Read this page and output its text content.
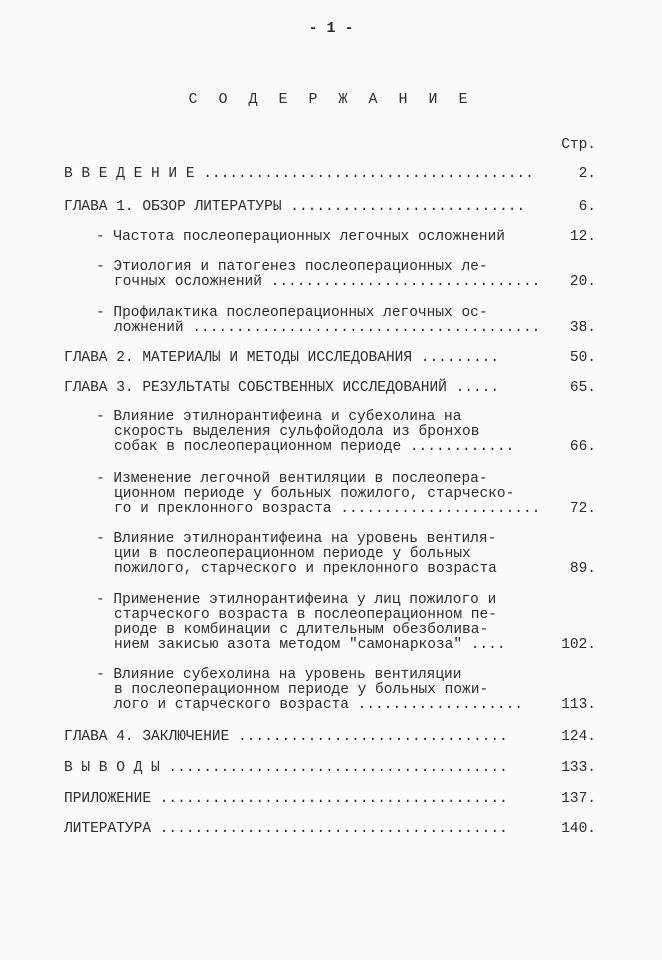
- 1 -
С О Д Е Р Ж А Н И Е
Стр.
В В Е Д Е Н И Е ......................................	2.
ГЛАВА 1. ОБЗОР ЛИТЕРАТУРЫ ...........................	6.
- Частота послеоперационных легочных осложнений	12.
- Этиология и патогенез послеоперационных ле-
гочных осложнений ............................... 20.
- Профилактика послеоперационных легочных ос-
ложнений ........................................ 38.
ГЛАВА 2. МАТЕРИАЛЫ И МЕТОДЫ ИССЛЕДОВАНИЯ .........	50.
ГЛАВА 3. РЕЗУЛЬТАТЫ СОБСТВЕННЫХ ИССЛЕДОВАНИЙ .....	65.
- Влияние этилнорантифеина и субехолина на
скорость выделения сульфойодола из бронхов
собак в послеоперационном периоде ............	66.
- Изменение легочной вентиляции в послеопера-
ционном периоде у больных пожилого, старческо-
го и преклонного возраста ....................... 72.
- Влияние этилнорантифеина на уровень вентиля-
ции в послеоперационном периоде у больных
пожилого, старческого и преклонного возраста	89.
- Применение этилнорантифеина у лиц пожилого и
старческого возраста в послеоперационном пе-
риоде в комбинации с длительным обезболива-
нием закисью азота методом "самонаркоза" ....	102.
- Влияние субехолина на уровень вентиляции
в послеоперационном периоде у больных пожи-
лого и старческого возраста ...................	113.
ГЛАВА 4. ЗАКЛЮЧЕНИЕ ...............................	124.
В Ы В О Д Ы .......................................	133.
ПРИЛОЖЕНИЕ ........................................	137.
ЛИТЕРАТУРА ........................................	140.
